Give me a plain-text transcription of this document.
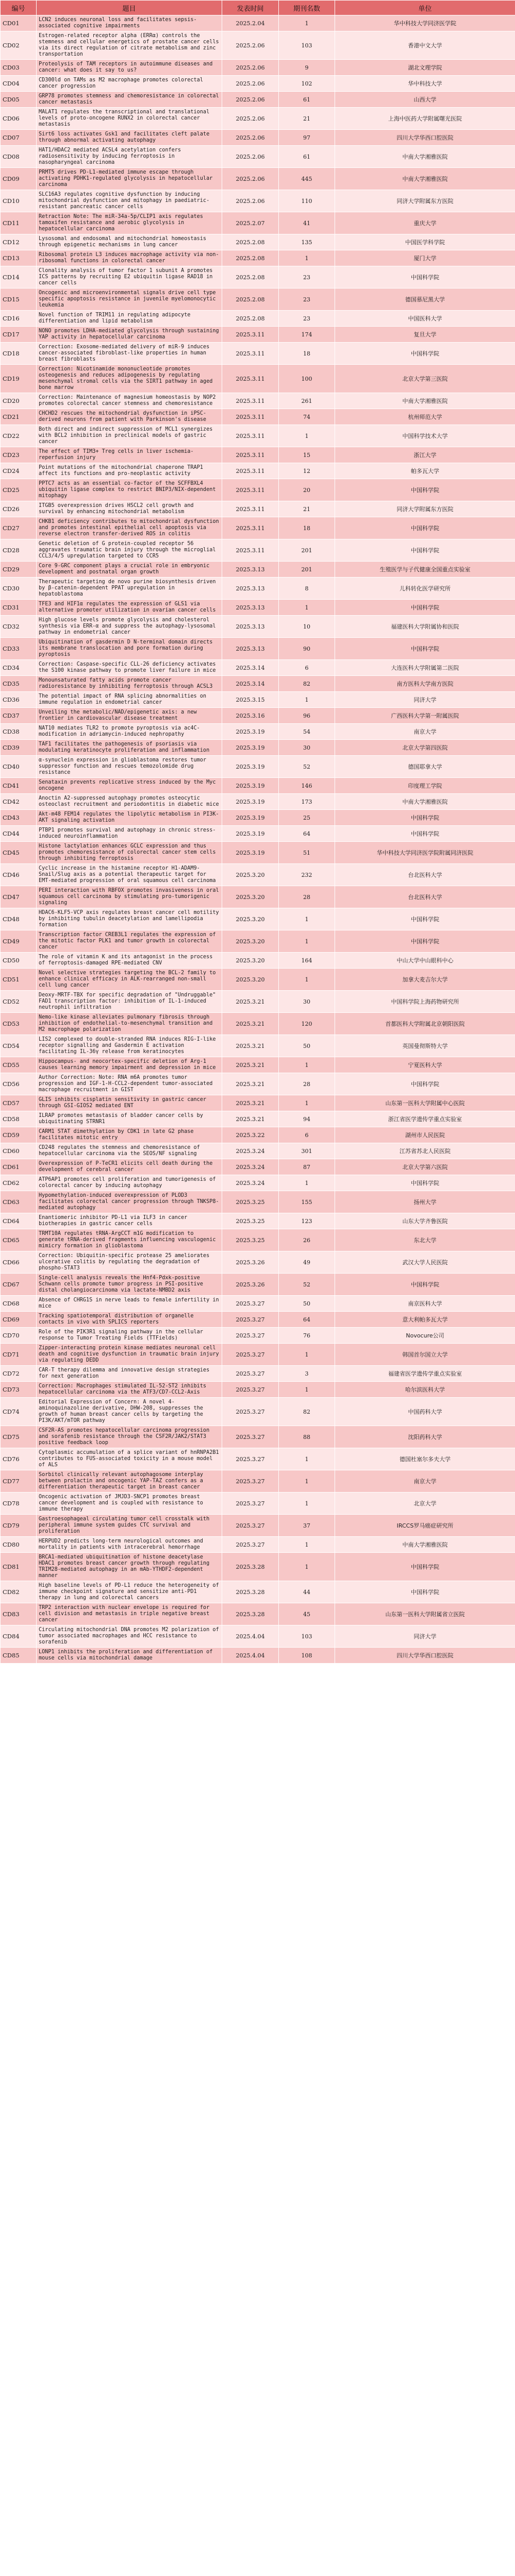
编号	题目	发表时间	期刊名数	单位
CD01	LCN2 induces neuronal loss and facilitates sepsis-associated cognitive impairments	2025.2.04	1	华中科技大学同济医学院
CD02	Estrogen-related receptor alpha (ERRα) controls the stemness and cellular energetics of prostate cancer cells via its direct regulation of citrate metabolism and zinc transportation	2025.2.06	103	香港中文大学
CD03	Proteolysis of TAM receptors in autoimmune diseases and cancer: what does it say to us?	2025.2.06	9	湖北文理学院
CD04	CD300ld on TAMs as M2 macrophage promotes colorectal cancer progression	2025.2.06	102	华中科技大学
CD05	GRP78 promotes stemness and chemoresistance in colorectal cancer metastasis	2025.2.06	61	山西大学
CD06	MALAT1 regulates the transcriptional and translational levels of proto-oncogene RUNX2 in colorectal cancer metastasis	2025.2.06	21	上海中医药大学附属曙光医院
CD07	Sirt6 loss activates Gsk1 and facilitates cleft palate through abnormal activating autophagy	2025.2.06	97	四川大学华西口腔医院
CD08	HAT1/HDAC2 mediated ACSL4 acetylation confers radiosensitivity by inducing ferroptosis in nasopharyngeal carcinoma	2025.2.06	61	中南大学湘雅医院
CD09	PRMT5 drives PD-L1-mediated immune escape through activating PDHK1-regulated glycolysis in hepatocellular carcinoma	2025.2.06	445	中南大学湘雅医院
CD10	SLC16A3 regulates cognitive dysfunction by inducing mitochondrial dysfunction and mitophagy in paediatric-resistant pancreatic cancer cells	2025.2.06	110	同济大学附属东方医院
CD11	Retraction Note: The miR-34a-5p/CLIP1 axis regulates tamoxifen resistance and aerobic glycolysis in hepatocellular carcinoma	2025.2.07	41	重庆大学
CD12	Lysosomal and endosomal and mitochondrial homeostasis through epigenetic mechanisms in lung cancer	2025.2.08	135	中国医学科学院
CD13	Ribosomal protein L3 induces macrophage activity via non-ribosomal functions in colorectal cancer	2025.2.08	1	厦门大学
CD14	Clonality analysis of tumor factor 1 subunit A promotes ICS patterns by recruiting E2 ubiquitin ligase RAD18 in cancer cells	2025.2.08	23	中国科学院
CD15	Oncogenic and microenvironmental signals drive cell type specific apoptosis resistance in juvenile myelomonocytic leukemia	2025.2.08	23	德国慕尼黑大学
CD16	Novel function of TRIM11 in regulating adipocyte differentiation and lipid metabolism	2025.2.08	23	中国医科大学
CD17	NONO promotes LDHA-mediated glycolysis through sustaining YAP activity in hepatocellular carcinoma	2025.3.11	174	复旦大学
CD18	Correction: Exosome-mediated delivery of miR-9 induces cancer-associated fibroblast-like properties in human breast fibroblasts	2025.3.11	18	中国科学院
CD19	Correction: Nicotinamide mononucleotide promotes osteogenesis and reduces adipogenesis by regulating mesenchymal stromal cells via the SIRT1 pathway in aged bone marrow	2025.3.11	100	北京大学第三医院
CD20	Correction: Maintenance of magnesium homeostasis by NOP2 promotes colorectal cancer stemness and chemoresistance	2025.3.11	261	中南大学湘雅医院
CD21	CHCHD2 rescues the mitochondrial dysfunction in iPSC-derived neurons from patient with Parkinson's disease	2025.3.11	74	杭州师范大学
CD22	Both direct and indirect suppression of MCL1 synergizes with BCL2 inhibition in preclinical models of gastric cancer	2025.3.11	1	中国科学技术大学
CD23	The effect of TIM3+ Treg cells in liver ischemia-reperfusion injury	2025.3.11	15	浙江大学
CD24	Point mutations of the mitochondrial chaperone TRAP1 affect its functions and pro-neoplastic activity	2025.3.11	12	帕多瓦大学
CD25	PPTC7 acts as an essential co-factor of the SCFFBXL4 ubiquitin ligase complex to restrict BNIP3/NIX-dependent mitophagy	2025.3.11	20	中国科学院
CD26	ITGB5 overexpression drives HSCL2 cell growth and survival by enhancing mitochondrial metabolism	2025.3.11	21	同济大学附属东方医院
CD27	CHKB1 deficiency contributes to mitochondrial dysfunction and promotes intestinal epithelial cell apoptosis via reverse electron transfer-derived ROS in colitis	2025.3.11	18	中国科学院
CD28	Genetic deletion of G protein-coupled receptor 56 aggravates traumatic brain injury through the microglial CCL3/4/5 upregulation targeted to CCR5	2025.3.11	201	中国科学院
CD29	Core 9-GRC component plays a crucial role in embryonic development and postnatal organ growth	2025.3.13	201	生殖医学与子代健康全国重点实验室
CD30	Therapeutic targeting de novo purine biosynthesis driven by β-catenin-dependent PPAT upregulation in hepatoblastoma	2025.3.13	8	儿科转化医学研究所
CD31	TFE3 and HIF1α regulates the expression of GLS1 via alternative promoter utilization in ovarian cancer cells	2025.3.13	1	中国科学院
CD32	High glucose levels promote glycolysis and cholesterol synthesis via ERR-α and suppress the autophagy-lysosomal pathway in endometrial cancer	2025.3.13	10	福建医科大学附属协和医院
CD33	Ubiquitination of gasdermin D N-terminal domain directs its membrane translocation and pore formation during pyroptosis	2025.3.13	90	中国科学院
CD34	Correction: Caspase-specific CLL-26 deficiency activates the S100 kinase pathway to promote liver failure in mice	2025.3.14	6	大连医科大学附属第二医院
CD35	Monounsaturated fatty acids promote cancer radioresistance by inhibiting ferroptosis through ACSL3	2025.3.14	82	南方医科大学南方医院
CD36	The potential impact of RNA splicing abnormalities on immune regulation in endometrial cancer	2025.3.15	1	同济大学
CD37	Unveiling the metabolic/NAD/epigenetic axis: a new frontier in cardiovascular disease treatment	2025.3.16	96	广西医科大学第一附属医院
CD38	NAT10 mediates TLR2 to promote pyroptosis via ac4C-modification in adriamycin-induced nephropathy	2025.3.19	54	南京大学
CD39	TAF1 facilitates the pathogenesis of psoriasis via modulating keratinocyte proliferation and inflammation	2025.3.19	30	北京大学第四医院
CD40	α-synuclein expression in glioblastoma restores tumor suppressor function and rescues temozolomide drug resistance	2025.3.19	52	德国耶拿大学
CD41	Senataxin prevents replicative stress induced by the Myc oncogene	2025.3.19	146	印度理工学院
CD42	Anoctin A2-suppressed autophagy promotes osteocytic osteoclast recruitment and periodontitis in diabetic mice	2025.3.19	173	中南大学湘雅医院
CD43	Akt-m48 FEM14 regulates the lipolytic metabolism in PI3K-AKT signaling activation	2025.3.19	25	中国科学院
CD44	PTBP1 promotes survival and autophagy in chronic stress-induced neuroinflammation	2025.3.19	64	中国科学院
CD45	Histone lactylation enhances GCLC expression and thus promotes chemoresistance of colorectal cancer stem cells through inhibiting ferroptosis	2025.3.19	51	华中科技大学同济医学院附属同济医院
CD46	Cyclic increase in the histamine receptor H1-ADAM9-Snail/Slug axis as a potential therapeutic target for EMT-mediated progression of oral squamous cell carcinoma	2025.3.20	232	台北医科大学
CD47	PERI interaction with RBFOX promotes invasiveness in oral squamous cell carcinoma by stimulating pro-tumorigenic signaling	2025.3.20	28	台北医科大学
CD48	HDAC6-KLF5-VCP axis regulates breast cancer cell motility by inhibiting tubulin deacetylation and lamellipodia formation	2025.3.20	1	中国科学院
CD49	Transcription factor CREB3L1 regulates the expression of the mitotic factor PLK1 and tumor growth in colorectal cancer	2025.3.20	1	中国科学院
CD50	The role of vitamin K and its antagonist in the process of ferroptosis-damaged RPE-mediated CNV	2025.3.20	164	中山大学中山眼科中心
CD51	Novel selective strategies targeting the BCL-2 family to enhance clinical efficacy in ALK-rearranged non-small cell lung cancer	2025.3.20	1	加拿大麦吉尔大学
CD52	Deoxy-MRTF-TBX for specific degradation of "Undruggable" FAD1 transcription factor: inhibition of IL-1-induced neutrophil infiltration	2025.3.21	30	中国科学院上海药物研究所
CD53	Nemo-like kinase alleviates pulmonary fibrosis through inhibition of endothelial-to-mesenchymal transition and M2 macrophage polarization	2025.3.21	120	首都医科大学附属北京朝阳医院
CD54	LIS2 complexed to double-stranded RNA induces RIG-I-like receptor signalling and Gasdermin E activation facilitating IL-36γ release from keratinocytes	2025.3.21	50	英国曼彻斯特大学
CD55	Hippocampus- and neocortex-specific deletion of Arg-1 causes learning memory impairment and depression in mice	2025.3.21	1	宁夏医科大学
CD56	Author Correction: Note: RNA m6A promotes tumor progression and IGF-1-H-CCL2-dependent tumor-associated macrophage recruitment in GIST	2025.3.21	28	中国科学院
CD57	GLIS inhibits cisplatin sensitivity in gastric cancer through GSI-GIOS2 mediated ENT	2025.3.21	1	山东第一医科大学附属中心医院
CD58	ILRAP promotes metastasis of bladder cancer cells by ubiquitinating STRNR1	2025.3.21	94	浙江省医学遗传学重点实验室
CD59	CARM1 STAT dimethylation by CDK1 in late G2 phase facilitates mitotic entry	2025.3.22	6	湖州市人民医院
CD60	CD248 regulates the stemness and chemoresistance of hepatocellular carcinoma via the SEOS/NF signaling	2025.3.24	301	江苏省苏北人民医院
CD61	Overexpression of P-TeCR1 elicits cell death during the development of cerebral cancer	2025.3.24	87	北京大学第六医院
CD62	ATP6AP1 promotes cell proliferation and tumorigenesis of colorectal cancer by inducing autophagy	2025.3.24	1	中国科学院
CD63	Hypomethylation-induced overexpression of PLOD3 facilitates colorectal cancer progression through TNKSP8-mediated autophagy	2025.3.25	155	扬州大学
CD64	Enantiomeric inhibitor PD-L1 via ILF3 in cancer biotherapies in gastric cancer cells	2025.3.25	123	山东大学齐鲁医院
CD65	TRMT10A regulates tRNA-ArgCCT m1G modification to generate tRNA-derived fragments influencing vasculogenic mimicry formation in glioblastoma	2025.3.25	26	东北大学
CD66	Correction: Ubiquitin-specific protease 25 ameliorates ulcerative colitis by regulating the degradation of phospho-STAT3	2025.3.26	49	武汉大学人民医院
CD67	Single-cell analysis reveals the Hnf4-Pdxk-positive Schwann cells promote tumor progress in PSI-positive distal cholangiocarcinoma via lactate-NMBD2 axis	2025.3.26	52	中国科学院
CD68	Absence of CHRG1S in nerve leads to female infertility in mice	2025.3.27	50	南京医科大学
CD69	Tracking spatiotemporal distribution of organelle contacts in vivo with SPLICS reporters	2025.3.27	64	意大利帕多瓦大学
CD70	Role of the PIK3R1 signaling pathway in the cellular response to Tumor Treating Fields (TTFields)	2025.3.27	76	Novocure公司
CD71	Zipper-interacting protein kinase mediates neuronal cell death and cognitive dysfunction in traumatic brain injury via regulating DEDD	2025.3.27	1	韩国首尔国立大学
CD72	CAR-T therapy dilemma and innovative design strategies for next generation	2025.3.27	3	福建省医学遗传学重点实验室
CD73	Correction: Macrophages stimulated IL-52-ST2 inhibits hepatocellular carcinoma via the ATF3/CD7-CCL2-Axis	2025.3.27	1	哈尔滨医科大学
CD74	Editorial Expression of Concern: A novel 4-aminoquinazoline derivative, DHW-208, suppresses the growth of human breast cancer cells by targeting the PI3K/AKT/mTOR pathway	2025.3.27	82	中国药科大学
CD75	CSF2R-AS promotes hepatocellular carcinoma progression and sorafenib resistance through the CSF2R/JAK2/STAT3 positive feedback loop	2025.3.27	88	沈阳药科大学
CD76	Cytoplasmic accumulation of a splice variant of hnRNPA2B1 contributes to FUS-associated toxicity in a mouse model of ALS	2025.3.27	1	德国杜塞尔多夫大学
CD77	Sorbitol clinically relevant autophagosome interplay between prolactin and oncogenic YAP-TAZ confers as a differentiation therapeutic target in breast cancer	2025.3.27	1	南京大学
CD78	Oncogenic activation of JMJD3-SNCP1 promotes breast cancer development and is coupled with resistance to immune therapy	2025.3.27	1	北京大学
CD79	Gastroesophageal circulating tumor cell crosstalk with peripheral immune system guides CTC survival and proliferation	2025.3.27	37	IRCCS罗马癌症研究所
CD80	HERPUD2 predicts long-term neurological outcomes and mortality in patients with intracerebral hemorrhage	2025.3.27	1	中南大学湘雅医院
CD81	BRCA1-mediated ubiquitination of histone deacetylase HDAC1 promotes breast cancer growth through regulating TRIM28-mediated autophagy in an mAb-YTHDF2-dependent manner	2025.3.28	1	中国科学院
CD82	High baseline levels of PD-L1 reduce the heterogeneity of immune checkpoint signature and sensitize anti-PD1 therapy in lung and colorectal cancers	2025.3.28	44	中国科学院
CD83	TRP2 interaction with nuclear envelope is required for cell division and metastasis in triple negative breast cancer	2025.3.28	45	山东第一医科大学附属省立医院
CD84	Circulating mitochondrial DNA promotes M2 polarization of tumor associated macrophages and HCC resistance to sorafenib	2025.4.04	103	同济大学
CD85	LONP1 inhibits the proliferation and differentiation of mouse cells via mitochondrial damage	2025.4.04	108	四川大学华西口腔医院
